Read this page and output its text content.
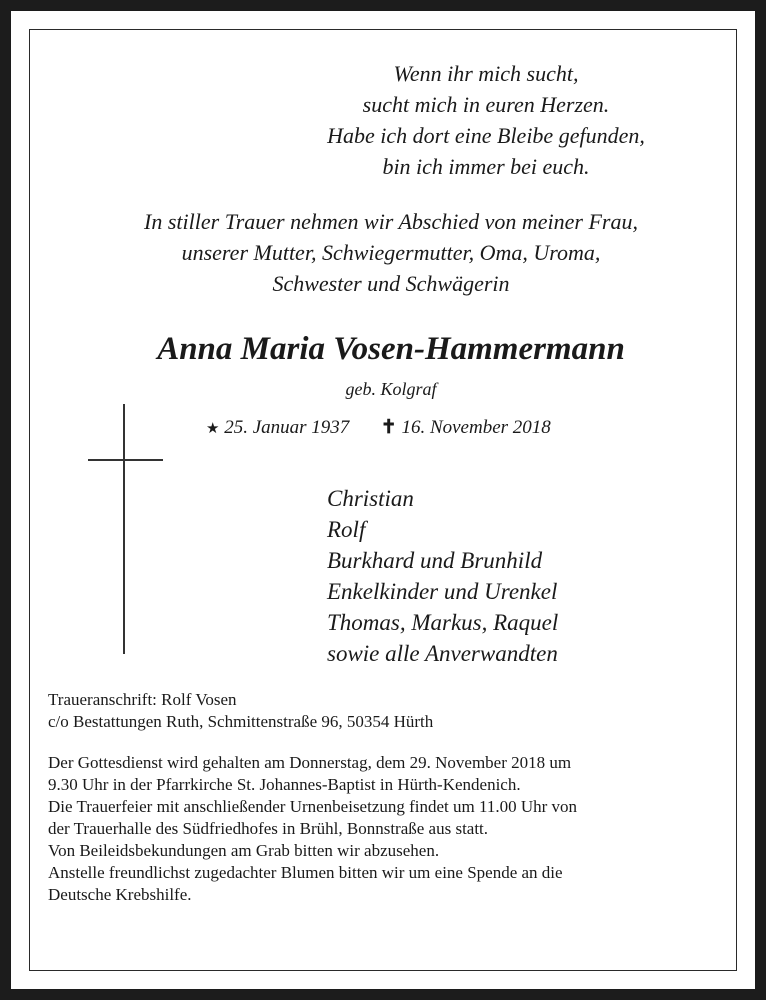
Wenn ihr mich sucht,
sucht mich in euren Herzen.
Habe ich dort eine Bleibe gefunden,
bin ich immer bei euch.
In stiller Trauer nehmen wir Abschied von meiner Frau,
unserer Mutter, Schwiegermutter, Oma, Uroma,
Schwester und Schwägerin
Anna Maria Vosen-Hammermann
geb. Kolgraf
★ 25. Januar 1937 ✝ 16. November 2018
Christian
Rolf
Burkhard und Brunhild
Enkelkinder und Urenkel
Thomas, Markus, Raquel
sowie alle Anverwandten
Traueranschrift: Rolf Vosen
c/o Bestattungen Ruth, Schmittenstraße 96, 50354 Hürth
Der Gottesdienst wird gehalten am Donnerstag, dem 29. November 2018 um
9.30 Uhr in der Pfarrkirche St. Johannes-Baptist in Hürth-Kendenich.
Die Trauerfeier mit anschließender Urnenbeisetzung findet um 11.00 Uhr von
der Trauerhalle des Südfriedhofes in Brühl, Bonnstraße aus statt.
Von Beileidsbekundungen am Grab bitten wir abzusehen.
Anstelle freundlichst zugedachter Blumen bitten wir um eine Spende an die
Deutsche Krebshilfe.
